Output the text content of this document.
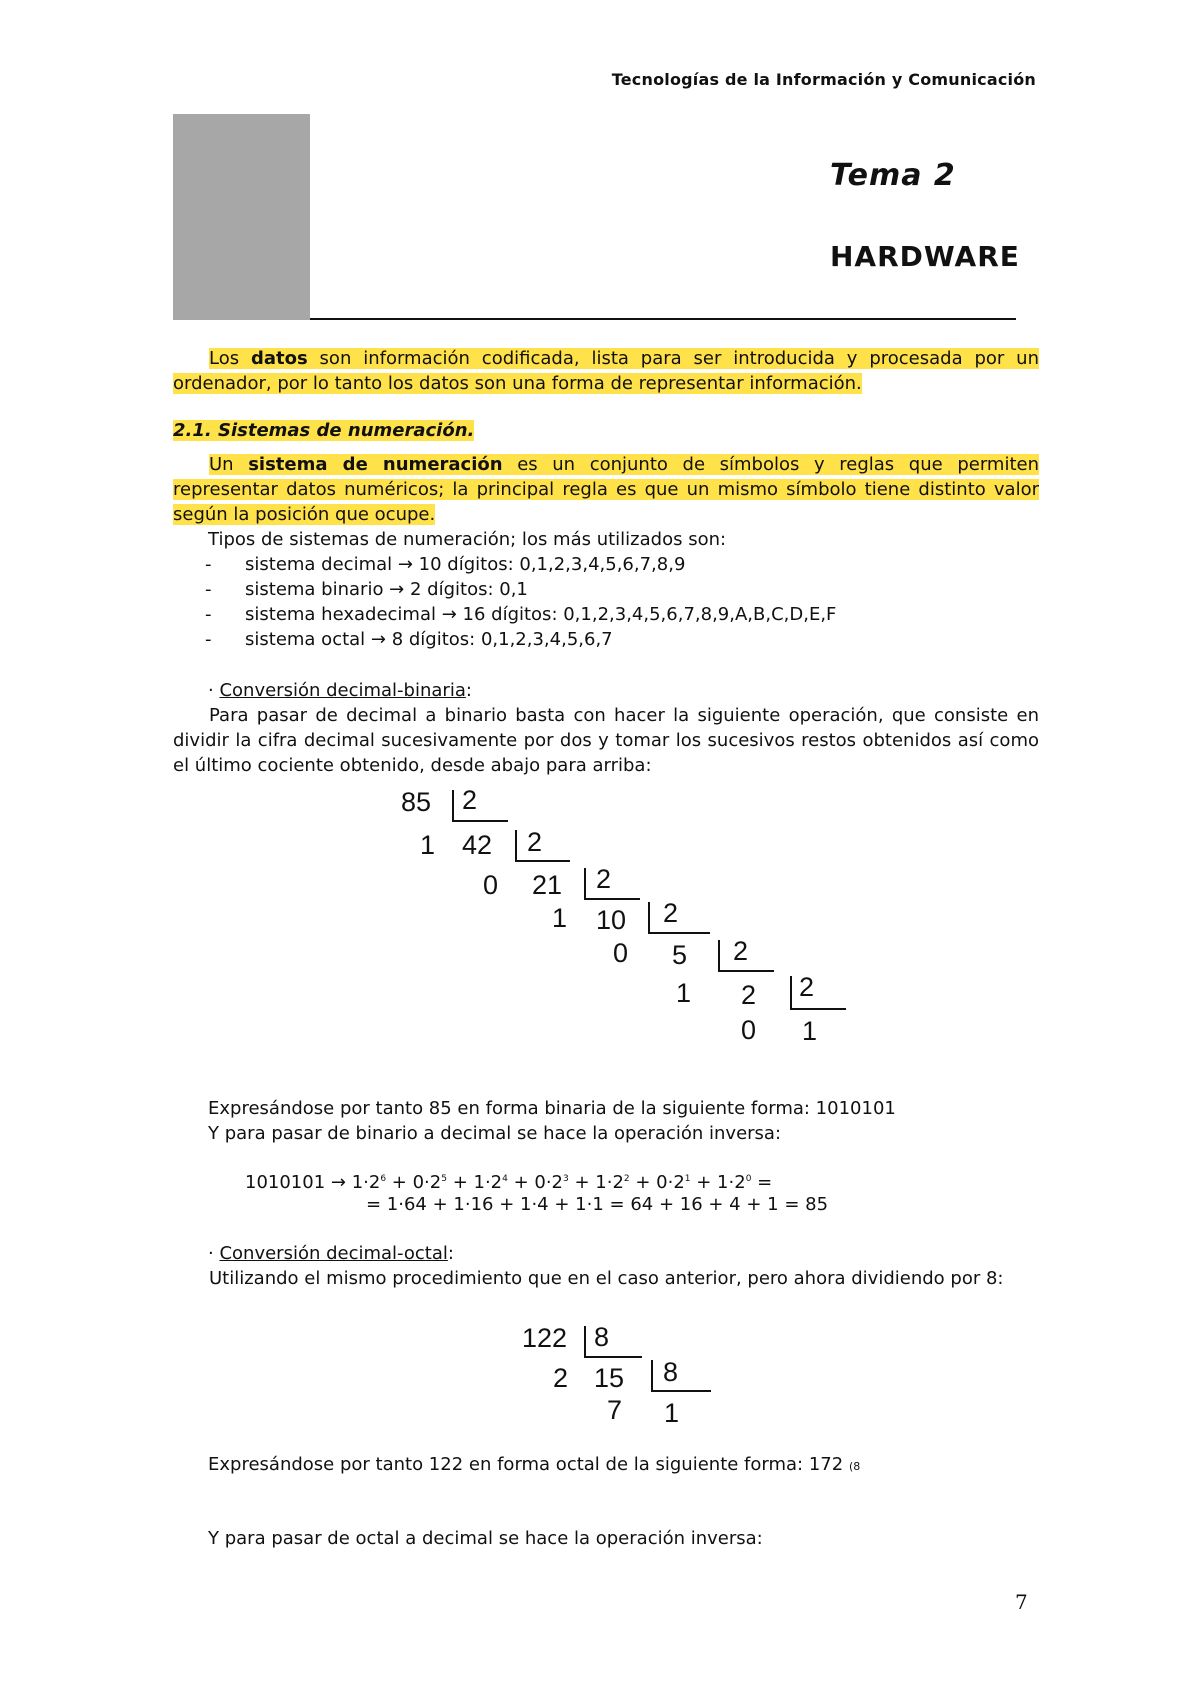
Tecnologías de la Información y Comunicación
Tema 2
HARDWARE
Los datos son información codificada, lista para ser introducida y procesada por un ordenador, por lo tanto los datos son una forma de representar información.
2.1. Sistemas de numeración.
Un sistema de numeración es un conjunto de símbolos y reglas que permiten representar datos numéricos; la principal regla es que un mismo símbolo tiene distinto valor según la posición que ocupe.
Tipos de sistemas de numeración; los más utilizados son:
- sistema decimal → 10 dígitos: 0,1,2,3,4,5,6,7,8,9
- sistema binario → 2 dígitos: 0,1
- sistema hexadecimal → 16 dígitos: 0,1,2,3,4,5,6,7,8,9,A,B,C,D,E,F
- sistema octal → 8 dígitos: 0,1,2,3,4,5,6,7
· Conversión decimal-binaria:
Para pasar de decimal a binario basta con hacer la siguiente operación, que consiste en dividir la cifra decimal sucesivamente por dos y tomar los sucesivos restos obtenidos así como el último cociente obtenido, desde abajo para arriba:
85 2
1 42 2
0 21 2
1 10 2
0 5 2
1 2 2
0 1
Expresándose por tanto 85 en forma binaria de la siguiente forma: 1010101
Y para pasar de binario a decimal se hace la operación inversa:
$1010101 \to 1\cdot 2^6 + 0\cdot 2^5 + 1\cdot 2^4 + 0\cdot 2^3 + 1\cdot 2^2 + 0\cdot 2^1 + 1\cdot 2^0$ =
= 1·64 + 1·16 + 1·4 + 1·1 = 64 + 16 + 4 + 1 = 85
· Conversión decimal-octal:
Utilizando el mismo procedimiento que en el caso anterior, pero ahora dividiendo por 8:
122 8
2 15 8
7 1
Expresándose por tanto 122 en forma octal de la siguiente forma: 172 (8
Y para pasar de octal a decimal se hace la operación inversa:
7
